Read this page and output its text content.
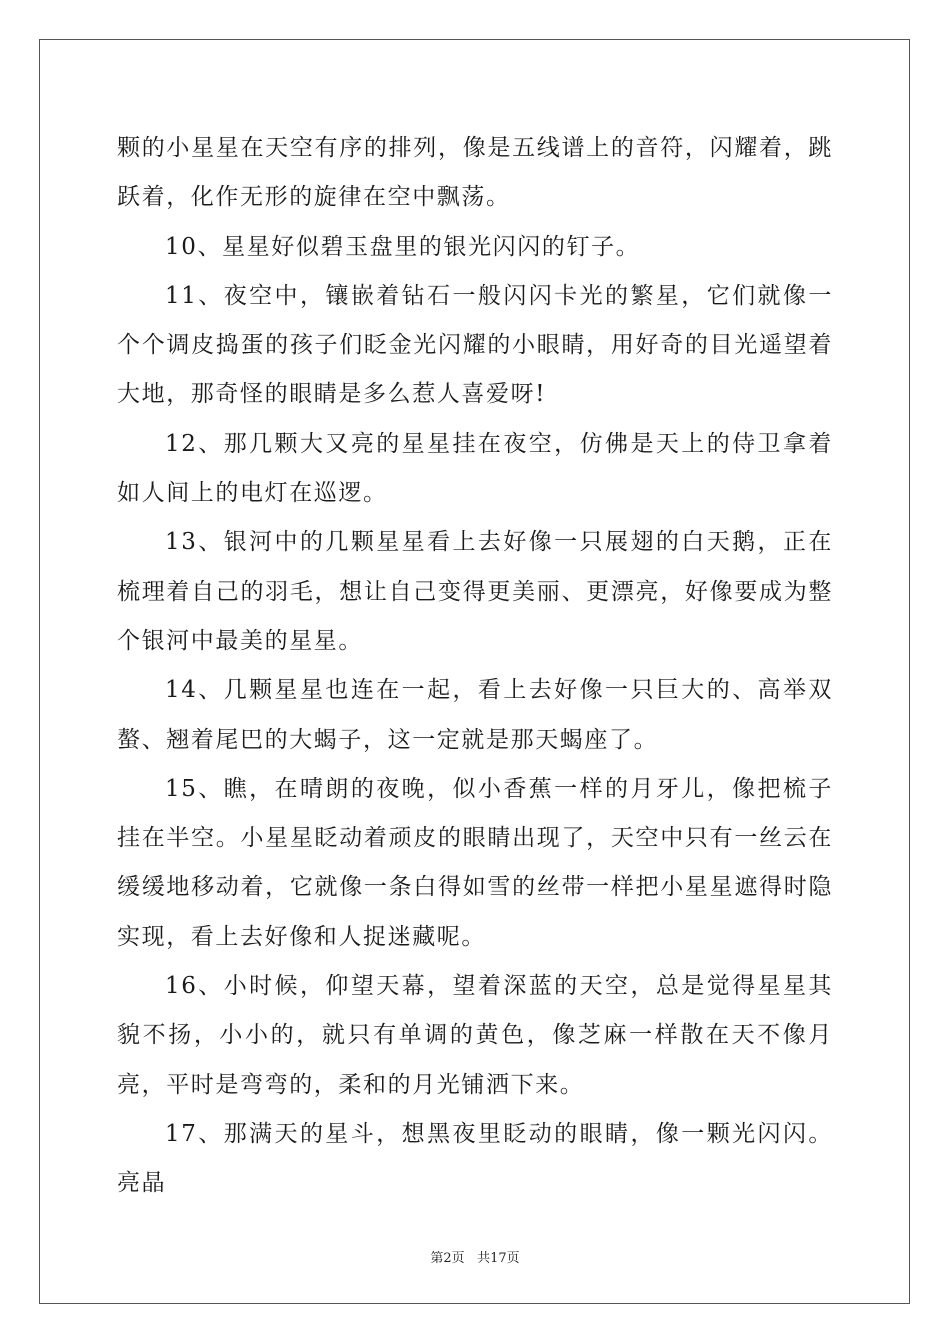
颗的小星星在天空有序的排列，像是五线谱上的音符，闪耀着，跳跃着，化作无形的旋律在空中飘荡。

10、星星好似碧玉盘里的银光闪闪的钉子。

11、夜空中，镶嵌着钻石一般闪闪卡光的繁星，它们就像一个个调皮捣蛋的孩子们眨金光闪耀的小眼睛，用好奇的目光遥望着大地，那奇怪的眼睛是多么惹人喜爱呀!

12、那几颗大又亮的星星挂在夜空，仿佛是天上的侍卫拿着如人间上的电灯在巡逻。

13、银河中的几颗星星看上去好像一只展翅的白天鹅，正在梳理着自己的羽毛，想让自己变得更美丽、更漂亮，好像要成为整个银河中最美的星星。

14、几颗星星也连在一起，看上去好像一只巨大的、高举双螯、翘着尾巴的大蝎子，这一定就是那天蝎座了。

15、瞧，在晴朗的夜晚，似小香蕉一样的月牙儿，像把梳子挂在半空。小星星眨动着顽皮的眼睛出现了，天空中只有一丝云在缓缓地移动着，它就像一条白得如雪的丝带一样把小星星遮得时隐实现，看上去好像和人捉迷藏呢。

16、小时候，仰望天幕，望着深蓝的天空，总是觉得星星其貌不扬，小小的，就只有单调的黄色，像芝麻一样散在天不像月亮，平时是弯弯的，柔和的月光铺洒下来。

17、那满天的星斗，想黑夜里眨动的眼睛，像一颗光闪闪。亮晶

第2页 共17页
